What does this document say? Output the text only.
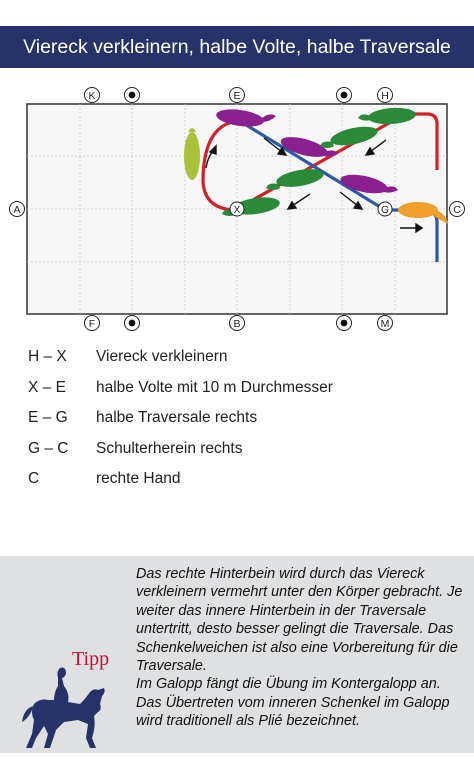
Viereck verkleinern, halbe Volte, halbe Traversale
K	E	H
F	B	M
A	C
X	G
H – X Viereck verkleinern
X – E halbe Volte mit 10 m Durchmesser
E – G halbe Traversale rechts
G – C Schulterherein rechts
C	rechte Hand
Tipp

Das rechte Hinterbein wird durch das Viereck verkleinern vermehrt unter den Körper gebracht. Je weiter das innere Hinterbein in der Traversale untertritt, desto besser gelingt die Traversale. Das Schenkelweichen ist also eine Vorbereitung für die Traversale.

Im Galopp fängt die Übung im Kontergalopp an. Das Übertreten vom inneren Schenkel im Galopp wird traditionell als Plié bezeichnet.
